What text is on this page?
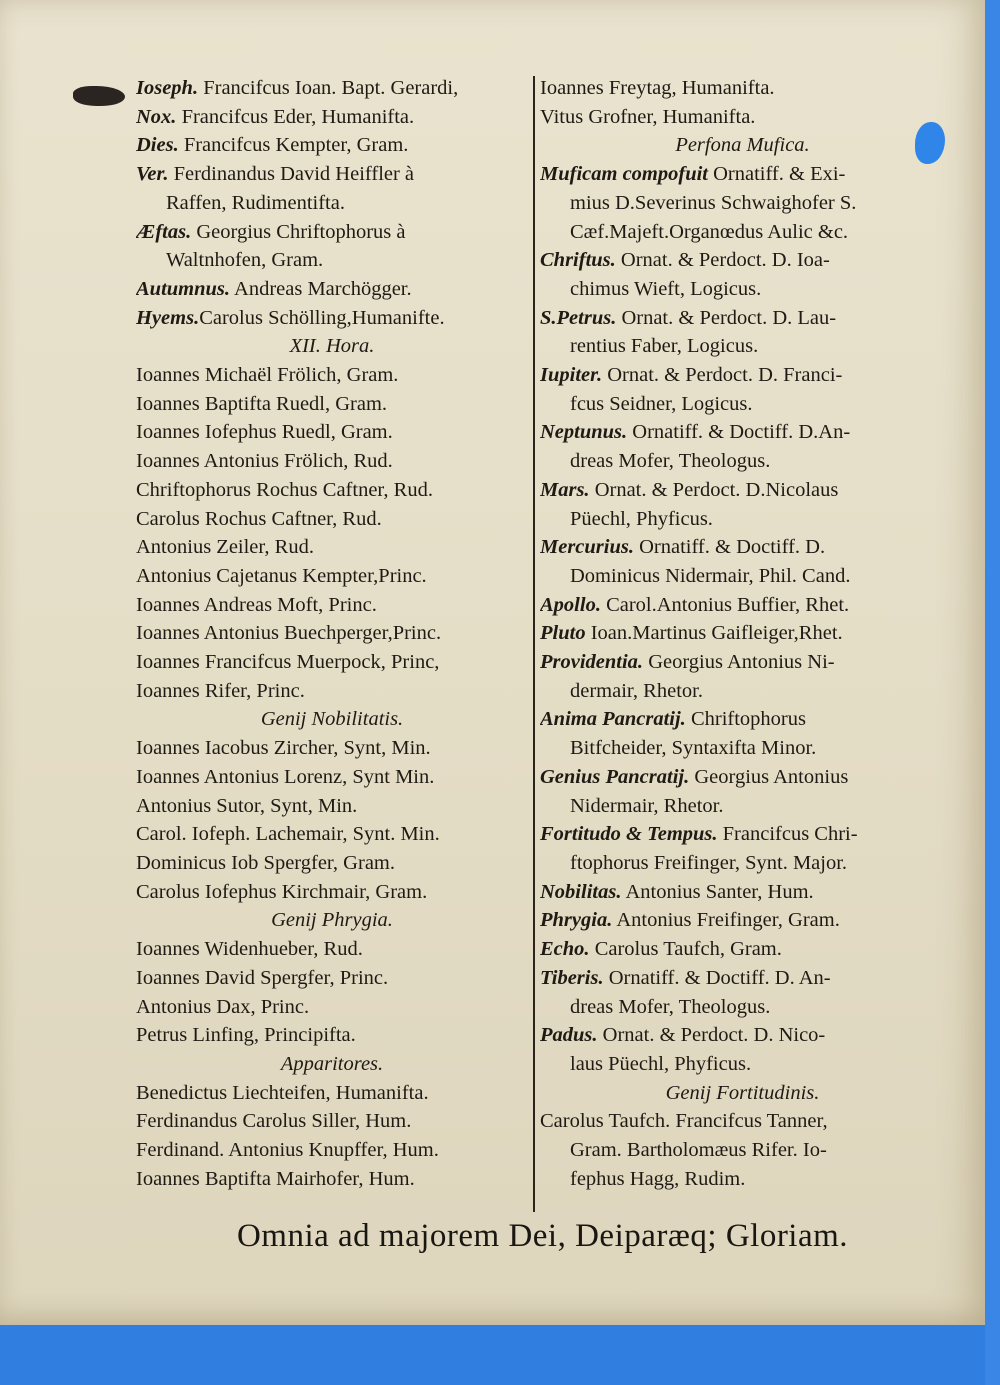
Ioseph. Francifcus Ioan. Bapt. Gerardi,
Nox. Francifcus Eder, Humanifta.
Dies. Francifcus Kempter, Gram.
Ver. Ferdinandus David Heiffler à
Raffen, Rudimentifta.
Æftas. Georgius Chriftophorus à
Waltnhofen, Gram.
Autumnus. Andreas Marchögger.
Hyems.Carolus Schölling,Humanifte.
XII. Hora.
Ioannes Michaël Frölich, Gram.
Ioannes Baptifta Ruedl, Gram.
Ioannes Iofephus Ruedl, Gram.
Ioannes Antonius Frölich, Rud.
Chriftophorus Rochus Caftner, Rud.
Carolus Rochus Caftner, Rud.
Antonius Zeiler, Rud.
Antonius Cajetanus Kempter,Princ.
Ioannes Andreas Moft, Princ.
Ioannes Antonius Buechperger,Princ.
Ioannes Francifcus Muerpock, Princ,
Ioannes Rifer, Princ.
Genij Nobilitatis.
Ioannes Iacobus Zircher, Synt, Min.
Ioannes Antonius Lorenz, Synt Min.
Antonius Sutor, Synt, Min.
Carol. Iofeph. Lachemair, Synt. Min.
Dominicus Iob Spergfer, Gram.
Carolus Iofephus Kirchmair, Gram.
Genij Phrygia.
Ioannes Widenhueber, Rud.
Ioannes David Spergfer, Princ.
Antonius Dax, Princ.
Petrus Linfing, Principifta.
Apparitores.
Benedictus Liechteifen, Humanifta.
Ferdinandus Carolus Siller, Hum.
Ferdinand. Antonius Knupffer, Hum.
Ioannes Baptifta Mairhofer, Hum.
Ioannes Freytag, Humanifta.
Vitus Grofner, Humanifta.
Perfona Mufica.
Muficam compofuit Ornatiff. & Exi-
mius D.Severinus Schwaighofer S.
Cæf.Majeft.Organœdus Aulic &c.
Chriftus. Ornat. & Perdoct. D. Ioa-
chimus Wieft, Logicus.
S.Petrus. Ornat. & Perdoct. D. Lau-
rentius Faber, Logicus.
Iupiter. Ornat. & Perdoct. D. Franci-
fcus Seidner, Logicus.
Neptunus. Ornatiff. & Doctiff. D.An-
dreas Mofer, Theologus.
Mars. Ornat. & Perdoct. D.Nicolaus
Püechl, Phyficus.
Mercurius. Ornatiff. & Doctiff. D.
Dominicus Nidermair, Phil. Cand.
Apollo. Carol.Antonius Buffier, Rhet.
Pluto Ioan.Martinus Gaifleiger,Rhet.
Providentia. Georgius Antonius Ni-
dermair, Rhetor.
Anima Pancratij. Chriftophorus
Bitfcheider, Syntaxifta Minor.
Genius Pancratij. Georgius Antonius
Nidermair, Rhetor.
Fortitudo & Tempus. Francifcus Chri-
ftophorus Freifinger, Synt. Major.
Nobilitas. Antonius Santer, Hum.
Phrygia. Antonius Freifinger, Gram.
Echo. Carolus Taufch, Gram.
Tiberis. Ornatiff. & Doctiff. D. An-
dreas Mofer, Theologus.
Padus. Ornat. & Perdoct. D. Nico-
laus Püechl, Phyficus.
Genij Fortitudinis.
Carolus Taufch. Francifcus Tanner,
Gram. Bartholomæus Rifer. Io-
fephus Hagg, Rudim.
Omnia ad majorem Dei, Deiparæq; Gloriam.
